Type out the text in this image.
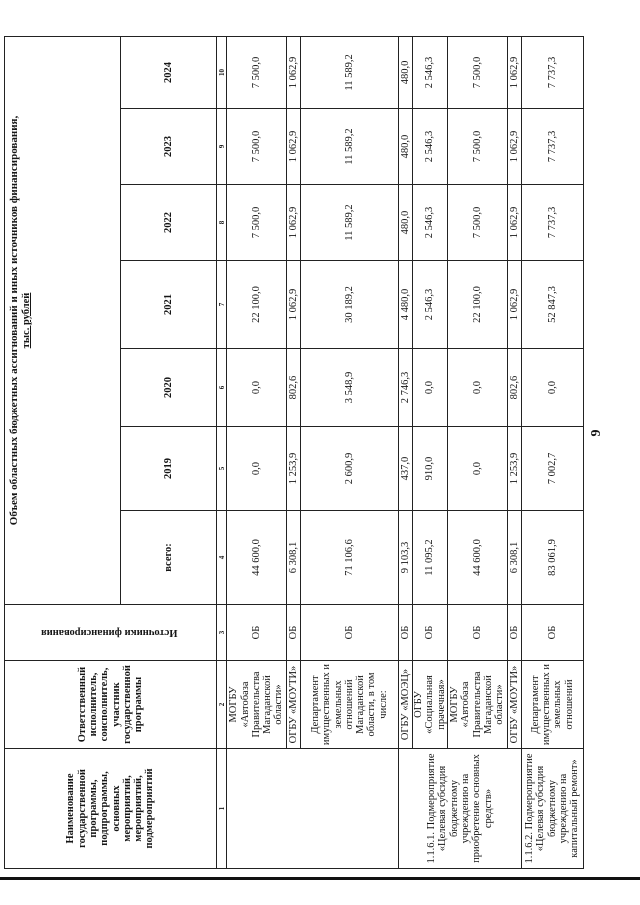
Наименование государственной программы, подпрограммы, основных мероприятий, мероприятий, подмероприятий	Ответственный исполнитель, соисполнитель, участник государственной программы	Источники финансирования	Объем областных бюджетных ассигнований и иных источников финансирования, тыс. рублей						

			всего:	2019	2020	2021	2022	2023	2024
1	2	3	4	5	6	7	8	9	10
	МОГБУ «Автобаза Правительства Магаданской области»	ОБ	44 600,0	0,0	0,0	22 100,0	7 500,0	7 500,0	7 500,0
	ОГБУ «МОУТИ»	ОБ	6 308,1	1 253,9	802,6	1 062,9	1 062,9	1 062,9	1 062,9
	Департамент имущественных и земельных отношений Магаданской области, в том числе:	ОБ	71 106,6	2 600,9	3 548,9	30 189,2	11 589,2	11 589,2	11 589,2
1.1.6.1. Подмероприятие «Целевая субсидия бюджетному учреждению на приобретение основных средств»	ОГБУ «МОЭЦ»	ОБ	9 103,3	437,0	2 746,3	4 480,0	480,0	480,0	480,0
	ОГБУ «Социальная прачечная»	ОБ	11 095,2	910,0	0,0	2 546,3	2 546,3	2 546,3	2 546,3
	МОГБУ «Автобаза Правительства Магаданской области»	ОБ	44 600,0	0,0	0,0	22 100,0	7 500,0	7 500,0	7 500,0
	ОГБУ «МОУТИ»	ОБ	6 308,1	1 253,9	802,6	1 062,9	1 062,9	1 062,9	1 062,9
1.1.6.2. Подмероприятие «Целевая субсидия бюджетному учреждению на капитальный ремонт»	Департамент имущественных и земельных отношений	ОБ	83 061,9	7 002,7	0,0	52 847,3	7 737,3	7 737,3	7 737,3
9
